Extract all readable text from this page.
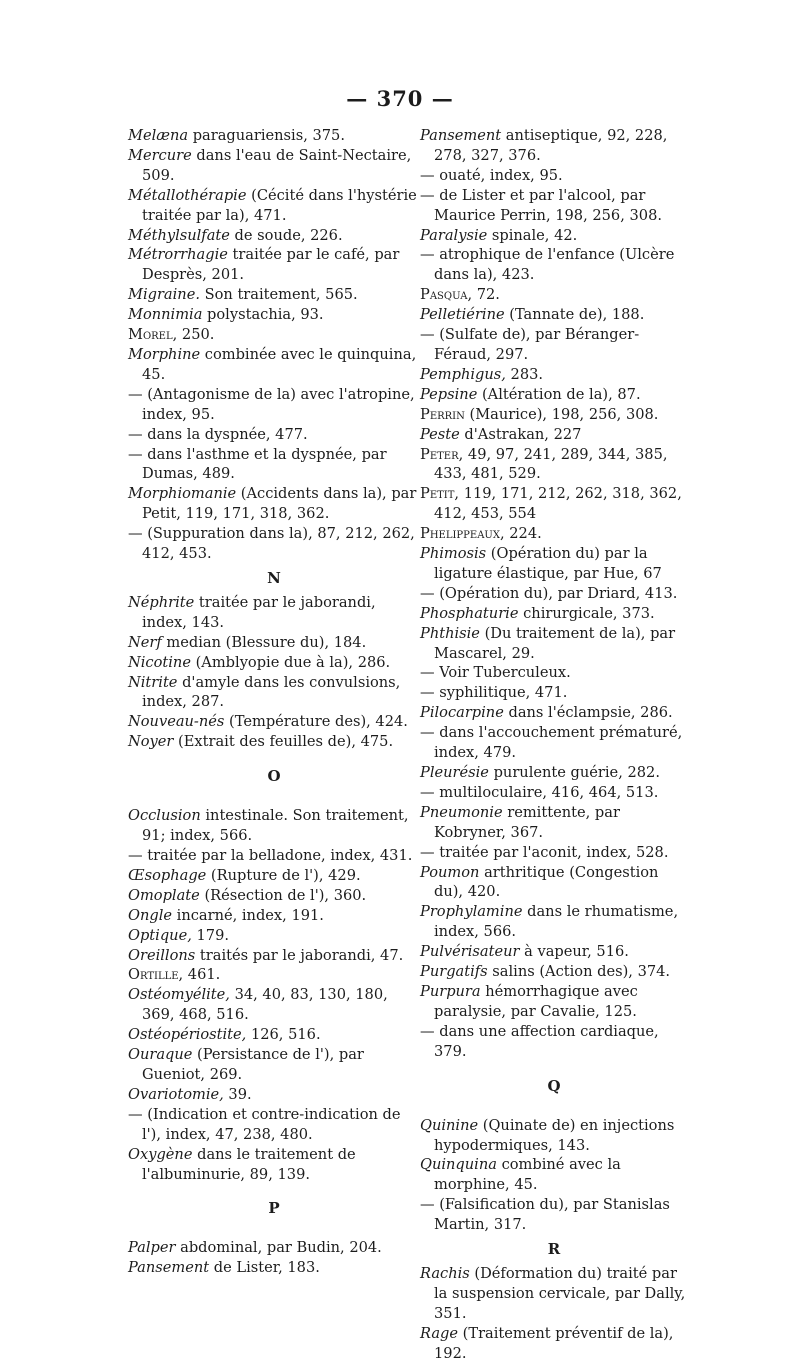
— 370 —
Melæna paraguariensis, 375.
Mercure dans l'eau de Saint-Nectaire, 509.
Métallothérapie (Cécité dans l'hystérie traitée par la), 471.
Méthylsulfate de soude, 226.
Métrorrhagie traitée par le café, par Desprès, 201.
Migraine. Son traitement, 565.
Monnimia polystachia, 93.
Morel, 250.
Morphine combinée avec le quinquina, 45.
— (Antagonisme de la) avec l'atropine, index, 95.
— dans la dyspnée, 477.
— dans l'asthme et la dyspnée, par Dumas, 489.
Morphiomanie (Accidents dans la), par Petit, 119, 171, 318, 362.
— (Suppuration dans la), 87, 212, 262, 412, 453.
N
Néphrite traitée par le jaborandi, index, 143.
Nerf median (Blessure du), 184.
Nicotine (Amblyopie due à la), 286.
Nitrite d'amyle dans les convulsions, index, 287.
Nouveau-nés (Température des), 424.
Noyer (Extrait des feuilles de), 475.
O
Occlusion intestinale. Son traitement, 91; index, 566.
— traitée par la belladone, index, 431.
Œsophage (Rupture de l'), 429.
Omoplate (Résection de l'), 360.
Ongle incarné, index, 191.
Optique, 179.
Oreillons traités par le jaborandi, 47.
Ortille, 461.
Ostéomyélite, 34, 40, 83, 130, 180, 369, 468, 516.
Ostéopériostite, 126, 516.
Ouraque (Persistance de l'), par Gueniot, 269.
Ovariotomie, 39.
— (Indication et contre-indication de l'), index, 47, 238, 480.
Oxygène dans le traitement de l'albuminurie, 89, 139.
P
Palper abdominal, par Budin, 204.
Pansement de Lister, 183.
Pansement antiseptique, 92, 228, 278, 327, 376.
— ouaté, index, 95.
— de Lister et par l'alcool, par Maurice Perrin, 198, 256, 308.
Paralysie spinale, 42.
— atrophique de l'enfance (Ulcère dans la), 423.
Pasqua, 72.
Pelletiérine (Tannate de), 188.
— (Sulfate de), par Béranger-Féraud, 297.
Pemphigus, 283.
Pepsine (Altération de la), 87.
Perrin (Maurice), 198, 256, 308.
Peste d'Astrakan, 227
Peter, 49, 97, 241, 289, 344, 385, 433, 481, 529.
Petit, 119, 171, 212, 262, 318, 362, 412, 453, 554
Phelippeaux, 224.
Phimosis (Opération du) par la ligature élastique, par Hue, 67
— (Opération du), par Driard, 413.
Phosphaturie chirurgicale, 373.
Phthisie (Du traitement de la), par Mascarel, 29.
— Voir Tuberculeux.
— syphilitique, 471.
Pilocarpine dans l'éclampsie, 286.
— dans l'accouchement prématuré, index, 479.
Pleurésie purulente guérie, 282.
— multiloculaire, 416, 464, 513.
Pneumonie remittente, par Kobryner, 367.
— traitée par l'aconit, index, 528.
Poumon arthritique (Congestion du), 420.
Prophylamine dans le rhumatisme, index, 566.
Pulvérisateur à vapeur, 516.
Purgatifs salins (Action des), 374.
Purpura hémorrhagique avec paralysie, par Cavalie, 125.
— dans une affection cardiaque, 379.
Q
Quinine (Quinate de) en injections hypodermiques, 143.
Quinquina combiné avec la morphine, 45.
— (Falsification du), par Stanislas Martin, 317.
R
Rachis (Déformation du) traité par la suspension cervicale, par Dally, 351.
Rage (Traitement préventif de la), 192.
